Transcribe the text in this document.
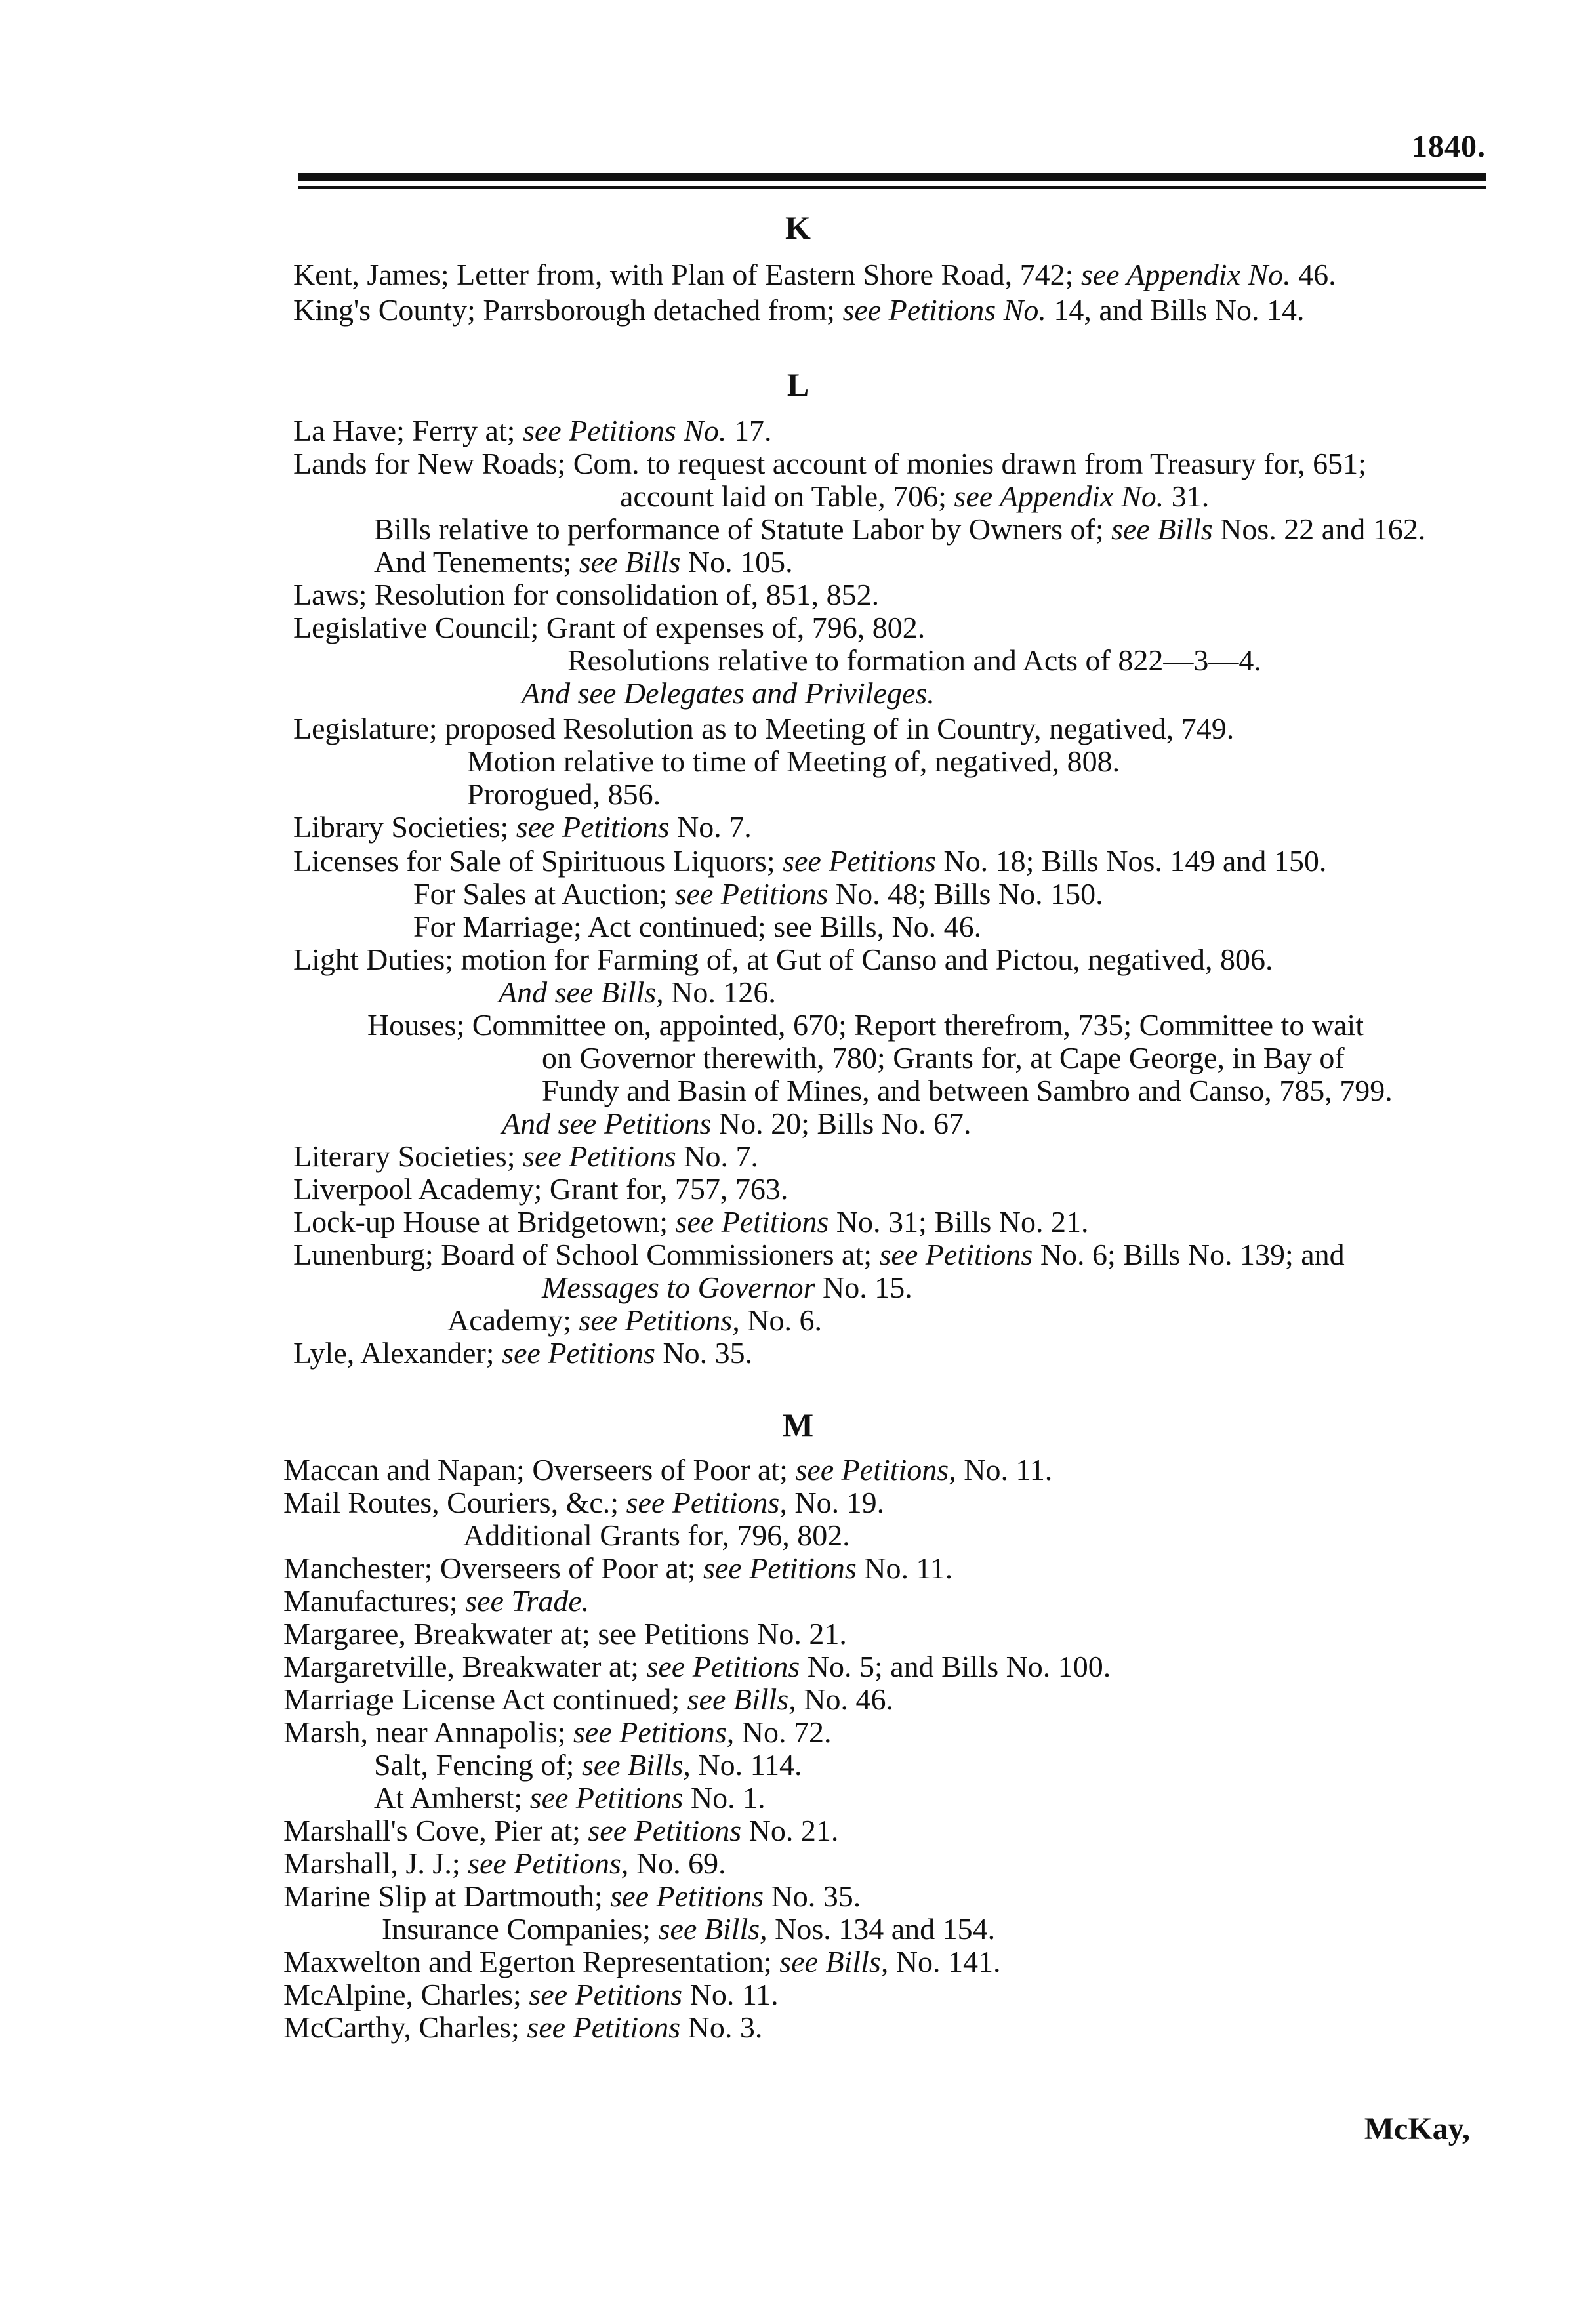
1840.
K
Kent, James; Letter from, with Plan of Eastern Shore Road, 742; see Appendix No. 46.
King's County; Parrsborough detached from; see Petitions No. 14, and Bills No. 14.
L
La Have; Ferry at; see Petitions No. 17.
Lands for New Roads; Com. to request account of monies drawn from Treasury for, 651;
account laid on Table, 706; see Appendix No. 31.
Bills relative to performance of Statute Labor by Owners of; see Bills Nos. 22 and 162.
And Tenements; see Bills No. 105.
Laws; Resolution for consolidation of, 851, 852.
Legislative Council; Grant of expenses of, 796, 802.
Resolutions relative to formation and Acts of 822—3—4.
And see Delegates and Privileges.
Legislature; proposed Resolution as to Meeting of in Country, negatived, 749.
Motion relative to time of Meeting of, negatived, 808.
Prorogued, 856.
Library Societies; see Petitions No. 7.
Licenses for Sale of Spirituous Liquors; see Petitions No. 18; Bills Nos. 149 and 150.
For Sales at Auction; see Petitions No. 48; Bills No. 150.
For Marriage; Act continued; see Bills, No. 46.
Light Duties; motion for Farming of, at Gut of Canso and Pictou, negatived, 806.
And see Bills, No. 126.
Houses; Committee on, appointed, 670; Report therefrom, 735; Committee to wait
on Governor therewith, 780; Grants for, at Cape George, in Bay of
Fundy and Basin of Mines, and between Sambro and Canso, 785, 799.
And see Petitions No. 20; Bills No. 67.
Literary Societies; see Petitions No. 7.
Liverpool Academy; Grant for, 757, 763.
Lock-up House at Bridgetown; see Petitions No. 31; Bills No. 21.
Lunenburg; Board of School Commissioners at; see Petitions No. 6; Bills No. 139; and
Messages to Governor No. 15.
Academy; see Petitions, No. 6.
Lyle, Alexander; see Petitions No. 35.
M
Maccan and Napan; Overseers of Poor at; see Petitions, No. 11.
Mail Routes, Couriers, &c.; see Petitions, No. 19.
Additional Grants for, 796, 802.
Manchester; Overseers of Poor at; see Petitions No. 11.
Manufactures; see Trade.
Margaree, Breakwater at; see Petitions No. 21.
Margaretville, Breakwater at; see Petitions No. 5; and Bills No. 100.
Marriage License Act continued; see Bills, No. 46.
Marsh, near Annapolis; see Petitions, No. 72.
Salt, Fencing of; see Bills, No. 114.
At Amherst; see Petitions No. 1.
Marshall's Cove, Pier at; see Petitions No. 21.
Marshall, J. J.; see Petitions, No. 69.
Marine Slip at Dartmouth; see Petitions No. 35.
Insurance Companies; see Bills, Nos. 134 and 154.
Maxwelton and Egerton Representation; see Bills, No. 141.
McAlpine, Charles; see Petitions No. 11.
McCarthy, Charles; see Petitions No. 3.
McKay,
